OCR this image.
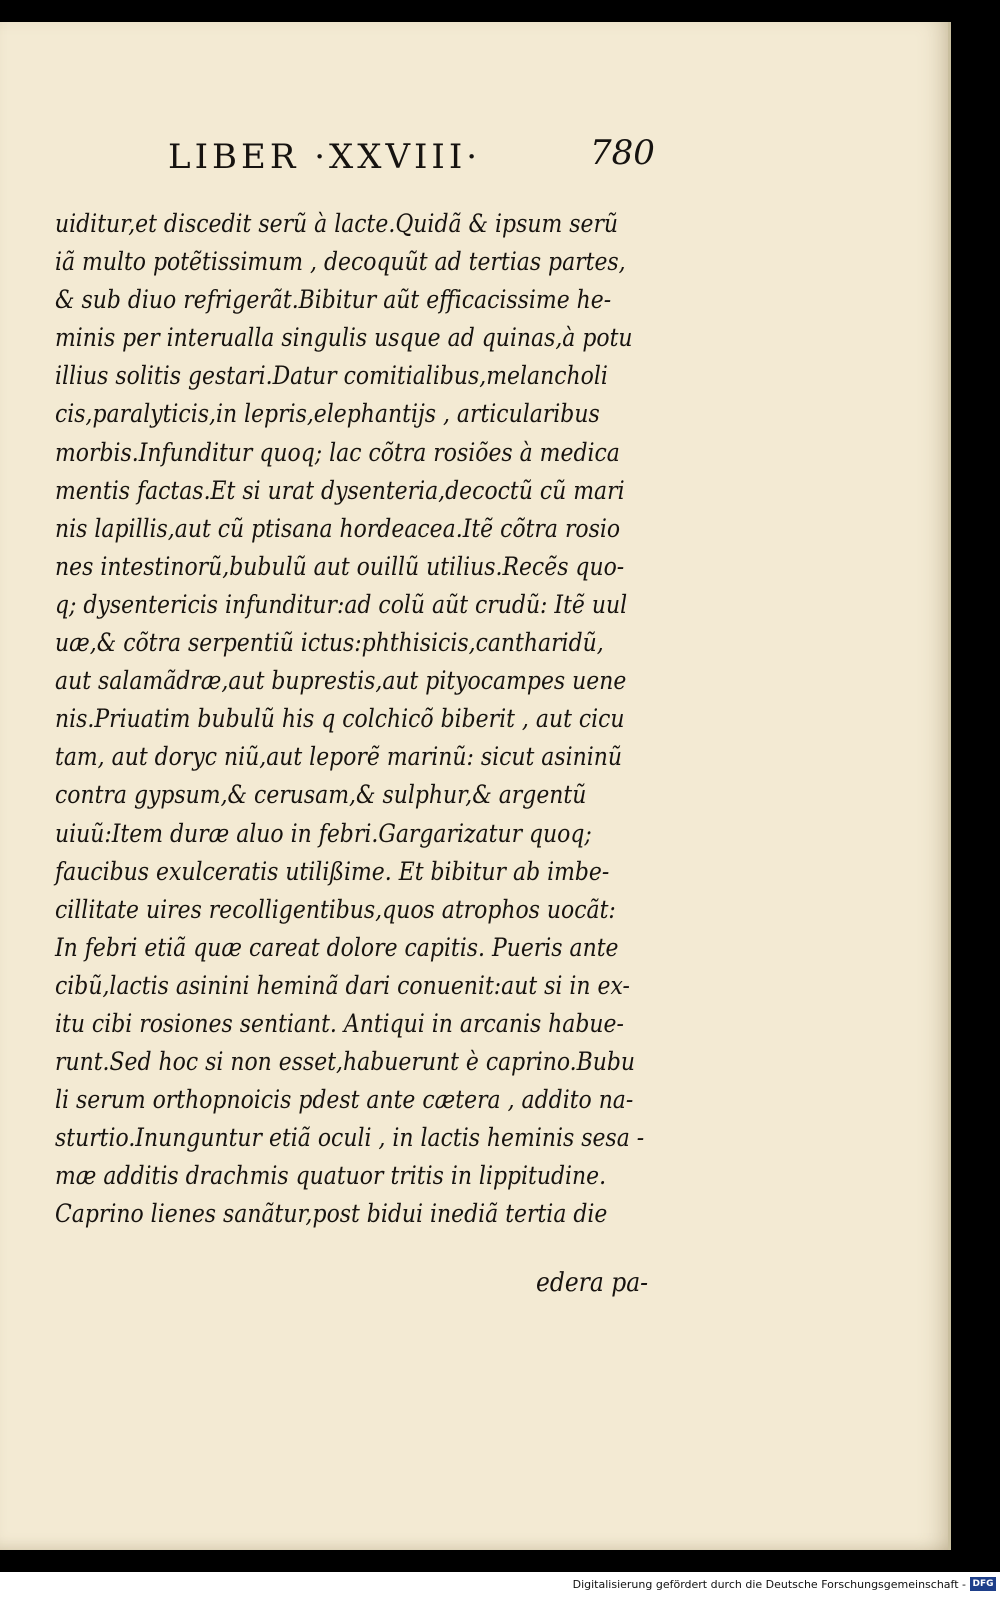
LIBER ·XXVIII·	780
uiditur,et discedit serũ à lacte.Quidã & ipsum serũ
iã multo potẽtissimum , decoquũt ad tertias partes,
& sub diuo refrigerãt.Bibitur aũt efficacissime he-
minis per interualla singulis usque ad quinas,à potu
illius solitis gestari.Datur comitialibus,melancholi
cis,paralyticis,in lepris,elephantijs , articularibus
morbis.Infunditur quoq; lac cõtra rosiões à medica
mentis factas.Et si urat dysenteria,decoctũ cũ mari
nis lapillis,aut cũ ptisana hordeacea.Itẽ cõtra rosio
nes intestinorũ,bubulũ aut ouillũ utilius.Recẽs quo-
q; dysentericis infunditur:ad colũ aũt crudũ: Itẽ uul
uæ,& cõtra serpentiũ ictus:phthisicis,cantharidũ,
aut salamãdræ,aut buprestis,aut pityocampes uene
nis.Priuatim bubulũ his q colchicõ biberit , aut cicu
tam, aut doryc niũ,aut leporẽ marinũ: sicut asininũ
contra gypsum,& cerusam,& sulphur,& argentũ
uiuũ:Item duræ aluo in febri.Gargarizatur quoq;
faucibus exulceratis utilißime. Et bibitur ab imbe-
cillitate uires recolligentibus,quos atrophos uocãt:
In febri etiã quæ careat dolore capitis. Pueris ante
cibũ,lactis asinini heminã dari conuenit:aut si in ex-
itu cibi rosiones sentiant. Antiqui in arcanis habue-
runt.Sed hoc si non esset,habuerunt è caprino.Bubu
li serum orthopnoicis pdest ante cætera , addito na-
sturtio.Inunguntur etiã oculi , in lactis heminis sesa -
mæ additis drachmis quatuor tritis in lippitudine.
Caprino lienes sanãtur,post bidui inediã tertia die
edera pa-
Digitalisierung gefördert durch die Deutsche Forschungsgemeinschaft - DFG
